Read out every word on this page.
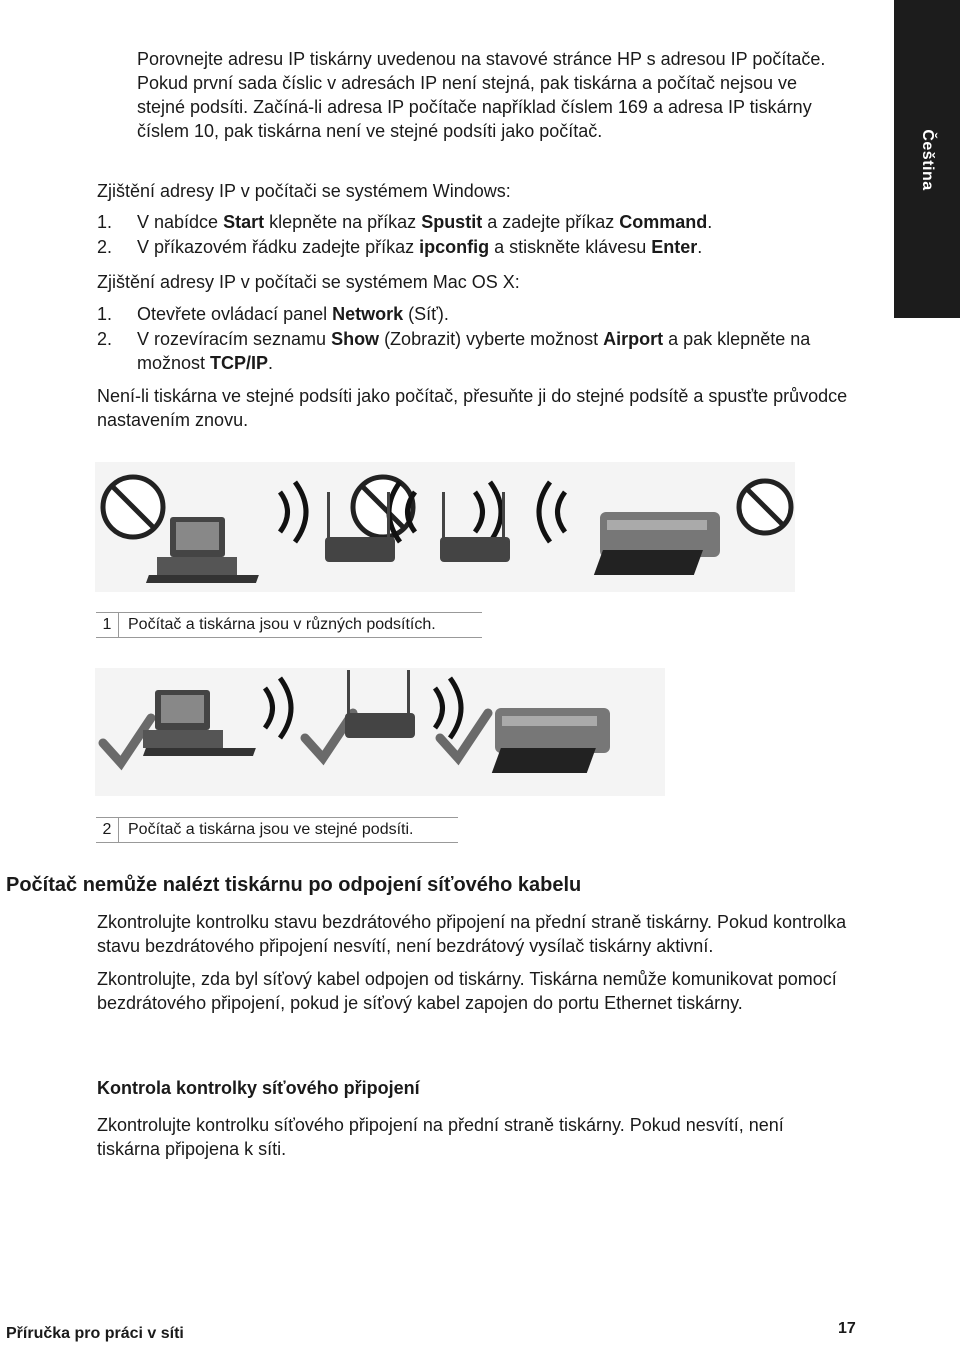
Čeština

Porovnejte adresu IP tiskárny uvedenou na stavové stránce HP s adresou IP počítače. Pokud první sada číslic v adresách IP není stejná, pak tiskárna a počítač nejsou ve stejné podsíti. Začíná-li adresa IP počítače například číslem 169 a adresa IP tiskárny číslem 10, pak tiskárna není ve stejné podsíti jako počítač.

Zjištění adresy IP v počítači se systémem Windows:

1. V nabídce Start klepněte na příkaz Spustit a zadejte příkaz Command.
2. V příkazovém řádku zadejte příkaz ipconfig a stiskněte klávesu Enter.

Zjištění adresy IP v počítači se systémem Mac OS X:

1. Otevřete ovládací panel Network (Síť).
2. V rozevíracím seznamu Show (Zobrazit) vyberte možnost Airport a pak klepněte na možnost TCP/IP.

Není-li tiskárna ve stejné podsíti jako počítač, přesuňte ji do stejné podsítě a spusťte průvodce nastavením znovu.

1	Počítač a tiskárna jsou v různých podsítích.
2	Počítač a tiskárna jsou ve stejné podsíti.
Počítač nemůže nalézt tiskárnu po odpojení síťového kabelu

Zkontrolujte kontrolku stavu bezdrátového připojení na přední straně tiskárny. Pokud kontrolka stavu bezdrátového připojení nesvítí, není bezdrátový vysílač tiskárny aktivní.

Zkontrolujte, zda byl síťový kabel odpojen od tiskárny. Tiskárna nemůže komunikovat pomocí bezdrátového připojení, pokud je síťový kabel zapojen do portu Ethernet tiskárny.

Kontrola kontrolky síťového připojení

Zkontrolujte kontrolku síťového připojení na přední straně tiskárny. Pokud nesvítí, není tiskárna připojena k síti.

Příručka pro práci v síti	17
